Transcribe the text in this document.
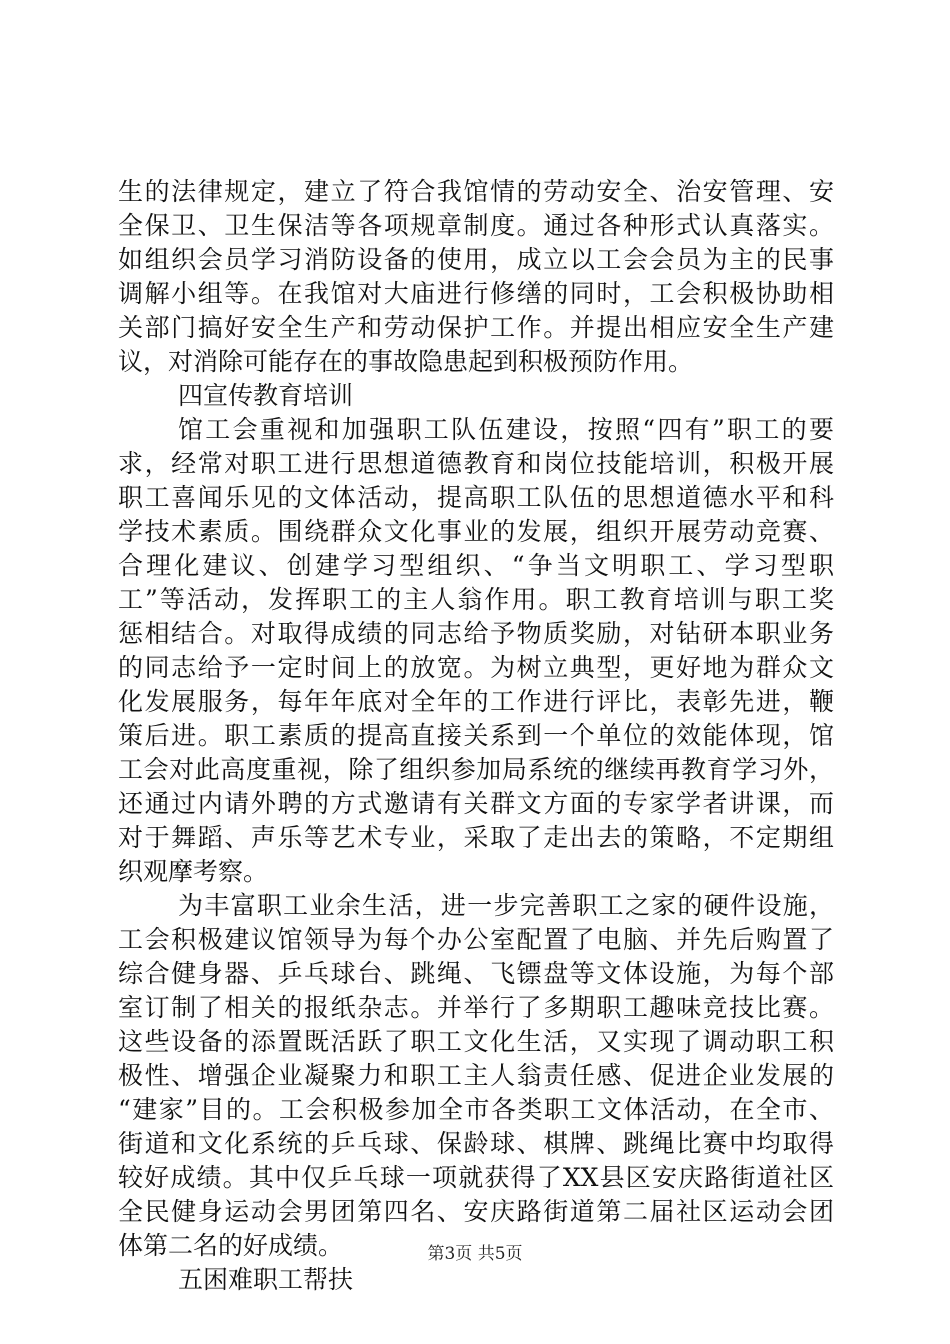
生的法律规定，建立了符合我馆情的劳动安全、治安管理、安
全保卫、卫生保洁等各项规章制度。通过各种形式认真落实。
如组织会员学习消防设备的使用，成立以工会会员为主的民事
调解小组等。在我馆对大庙进行修缮的同时，工会积极协助相
关部门搞好安全生产和劳动保护工作。并提出相应安全生产建
议，对消除可能存在的事故隐患起到积极预防作用。
四宣传教育培训
馆工会重视和加强职工队伍建设，按照“四有”职工的要
求，经常对职工进行思想道德教育和岗位技能培训，积极开展
职工喜闻乐见的文体活动，提高职工队伍的思想道德水平和科
学技术素质。围绕群众文化事业的发展，组织开展劳动竞赛、
合理化建议、创建学习型组织、“争当文明职工、学习型职
工”等活动，发挥职工的主人翁作用。职工教育培训与职工奖
惩相结合。对取得成绩的同志给予物质奖励，对钻研本职业务
的同志给予一定时间上的放宽。为树立典型，更好地为群众文
化发展服务，每年年底对全年的工作进行评比，表彰先进，鞭
策后进。职工素质的提高直接关系到一个单位的效能体现，馆
工会对此高度重视，除了组织参加局系统的继续再教育学习外，
还通过内请外聘的方式邀请有关群文方面的专家学者讲课，而
对于舞蹈、声乐等艺术专业，采取了走出去的策略，不定期组
织观摩考察。
为丰富职工业余生活，进一步完善职工之家的硬件设施，
工会积极建议馆领导为每个办公室配置了电脑、并先后购置了
综合健身器、乒乓球台、跳绳、飞镖盘等文体设施，为每个部
室订制了相关的报纸杂志。并举行了多期职工趣味竞技比赛。
这些设备的添置既活跃了职工文化生活，又实现了调动职工积
极性、增强企业凝聚力和职工主人翁责任感、促进企业发展的
“建家”目的。工会积极参加全市各类职工文体活动，在全市、
街道和文化系统的乒乓球、保龄球、棋牌、跳绳比赛中均取得
较好成绩。其中仅乒乓球一项就获得了XX县区安庆路街道社区
全民健身运动会男团第四名、安庆路街道第二届社区运动会团
体第二名的好成绩。
五困难职工帮扶
第3页 共5页
